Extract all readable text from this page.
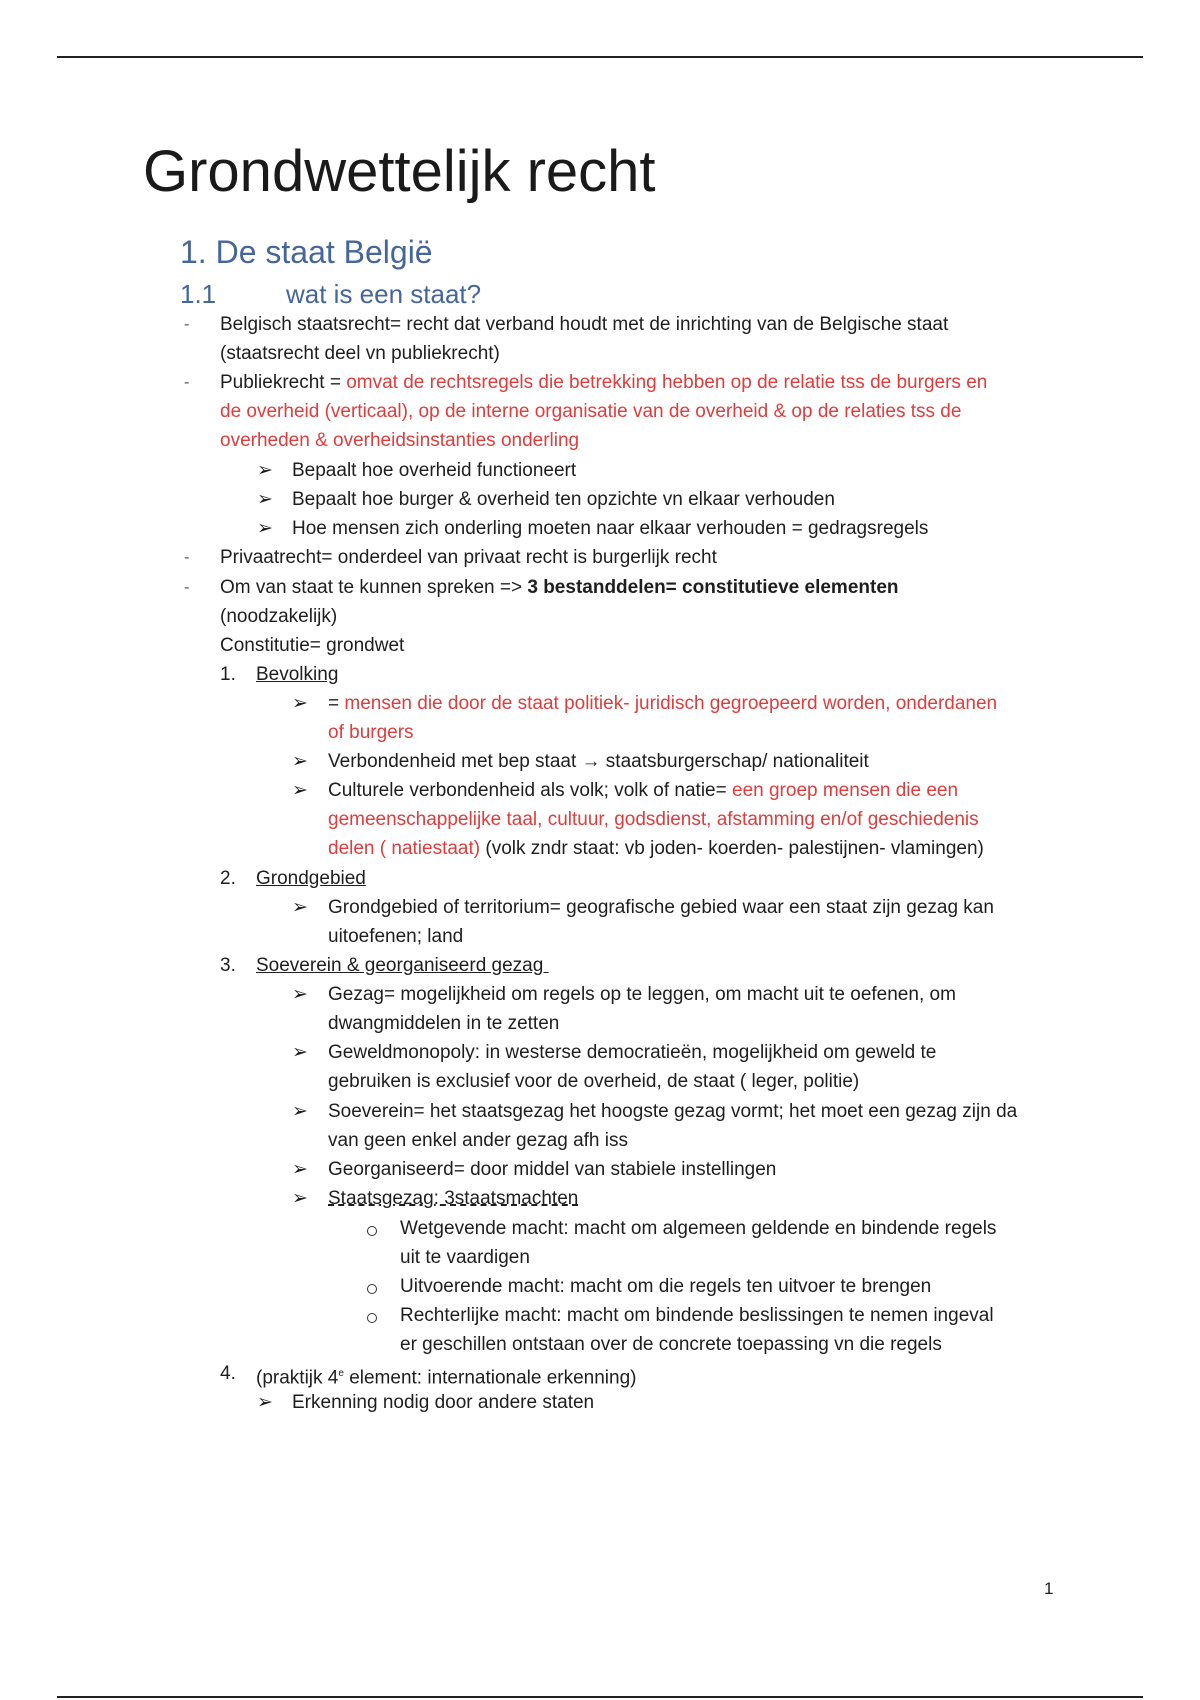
Grondwettelijk recht
1. De staat België
1.1	wat is een staat?
- Belgisch staatsrecht= recht dat verband houdt met de inrichting van de Belgische staat
(staatsrecht deel vn publiekrecht)
- Publiekrecht = omvat de rechtsregels die betrekking hebben op de relatie tss de burgers en
de overheid (verticaal), op de interne organisatie van de overheid & op de relaties tss de
overheden & overheidsinstanties onderling
➢ Bepaalt hoe overheid functioneert
➢ Bepaalt hoe burger & overheid ten opzichte vn elkaar verhouden
➢ Hoe mensen zich onderling moeten naar elkaar verhouden = gedragsregels
- Privaatrecht= onderdeel van privaat recht is burgerlijk recht
- Om van staat te kunnen spreken => 3 bestanddelen= constitutieve elementen
(noodzakelijk)
Constitutie= grondwet
1. Bevolking
➢ = mensen die door de staat politiek- juridisch gegroepeerd worden, onderdanen
of burgers
➢ Verbondenheid met bep staat → staatsburgerschap/ nationaliteit
➢ Culturele verbondenheid als volk; volk of natie= een groep mensen die een
gemeenschappelijke taal, cultuur, godsdienst, afstamming en/of geschiedenis
delen ( natiestaat) (volk zndr staat: vb joden- koerden- palestijnen- vlamingen)
2. Grondgebied
➢ Grondgebied of territorium= geografische gebied waar een staat zijn gezag kan
uitoefenen; land
3. Soeverein & georganiseerd gezag
➢ Gezag= mogelijkheid om regels op te leggen, om macht uit te oefenen, om
dwangmiddelen in te zetten
➢ Geweldmonopoly: in westerse democratieën, mogelijkheid om geweld te
gebruiken is exclusief voor de overheid, de staat ( leger, politie)
➢ Soeverein= het staatsgezag het hoogste gezag vormt; het moet een gezag zijn da
van geen enkel ander gezag afh iss
➢ Georganiseerd= door middel van stabiele instellingen
➢ Staatsgezag: 3staatsmachten
Wetgevende macht: macht om algemeen geldende en bindende regels
uit te vaardigen
Uitvoerende macht: macht om die regels ten uitvoer te brengen
Rechterlijke macht: macht om bindende beslissingen te nemen ingeval
er geschillen ontstaan over de concrete toepassing vn die regels
4. (praktijk 4e element: internationale erkenning)
➢ Erkenning nodig door andere staten
1
